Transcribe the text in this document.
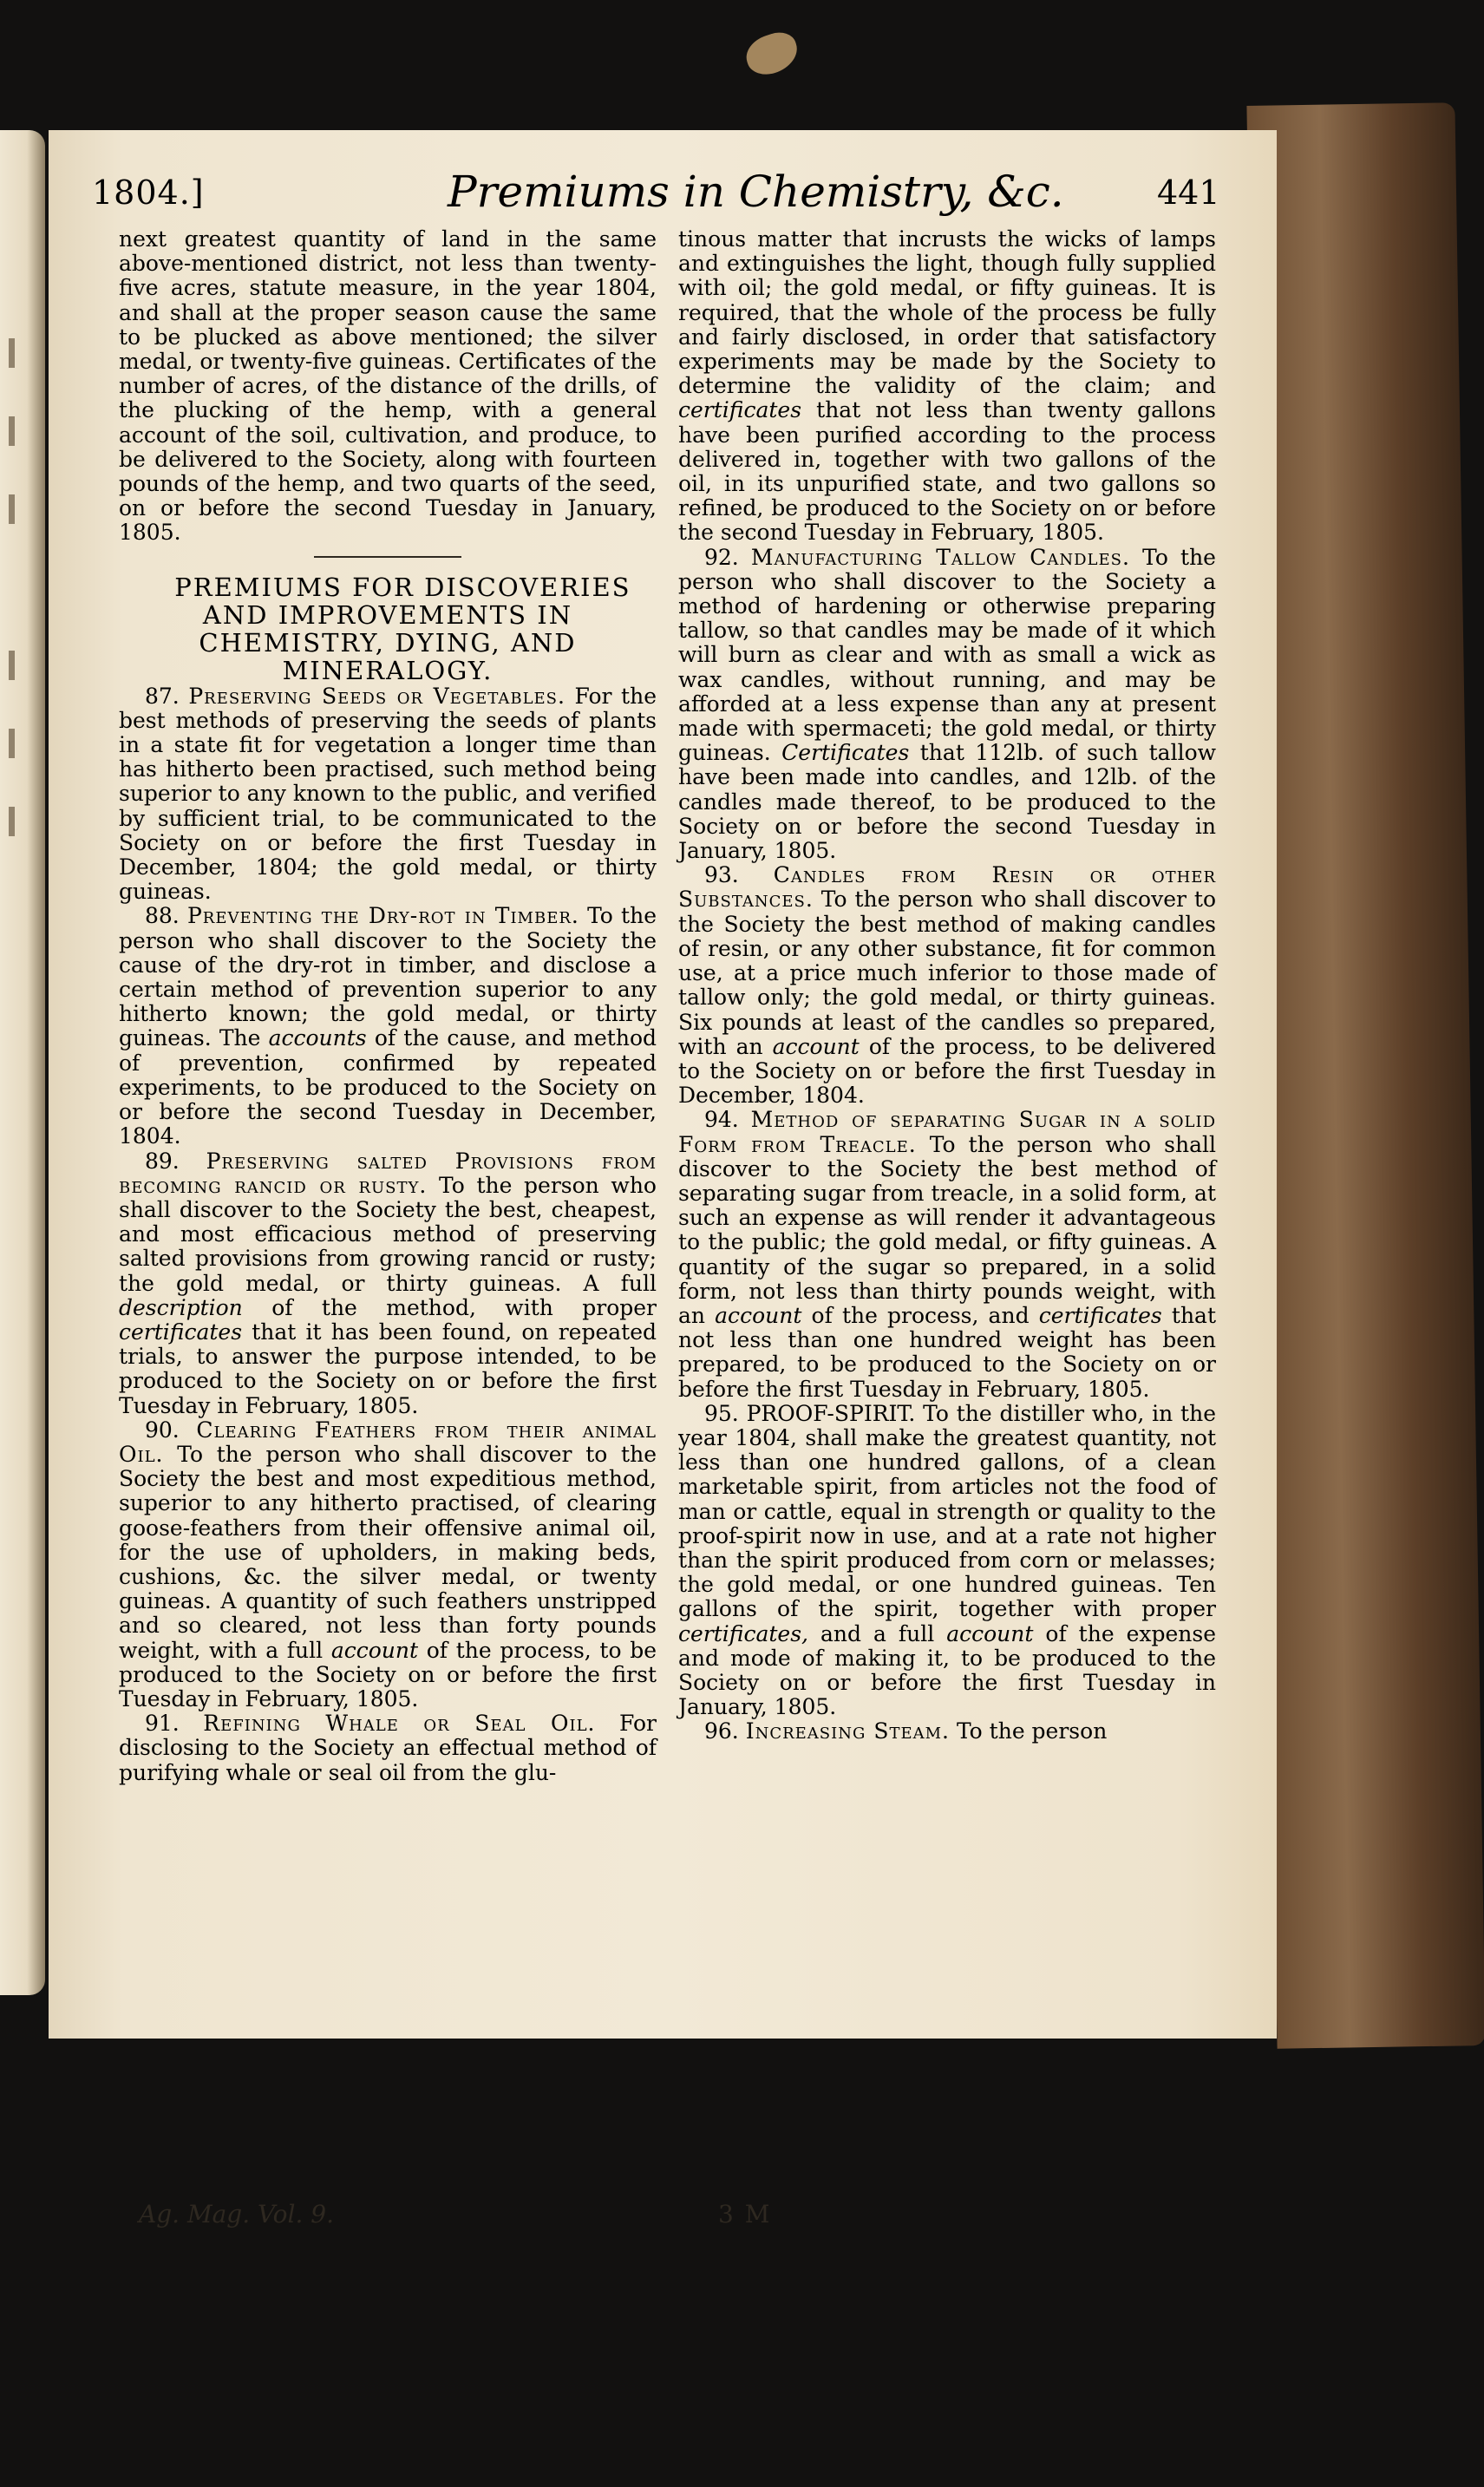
1804.]	Premiums in Chemistry, &c.	441

next greatest quantity of land in the same above-mentioned district, not less than twenty-five acres, statute measure, in the year 1804, and shall at the proper season cause the same to be plucked as above mentioned; the silver medal, or twenty-five guineas. Certificates of the number of acres, of the distance of the drills, of the plucking of the hemp, with a general account of the soil, cultivation, and produce, to be delivered to the Society, along with fourteen pounds of the hemp, and two quarts of the seed, on or before the second Tuesday in January, 1805.

PREMIUMS FOR DISCOVERIES AND IMPROVEMENTS IN CHEMISTRY, DYING, AND MINERALOGY.

87. Preserving Seeds or Vegetables. For the best methods of preserving the seeds of plants in a state fit for vegetation a longer time than has hitherto been practised, such method being superior to any known to the public, and verified by sufficient trial, to be communicated to the Society on or before the first Tuesday in December, 1804; the gold medal, or thirty guineas.

88. Preventing the Dry-rot in Timber. To the person who shall discover to the Society the cause of the dry-rot in timber, and disclose a certain method of prevention superior to any hitherto known; the gold medal, or thirty guineas. The accounts of the cause, and method of prevention, confirmed by repeated experiments, to be produced to the Society on or before the second Tuesday in December, 1804.

89. Preserving salted Provisions from becoming rancid or rusty. To the person who shall discover to the Society the best, cheapest, and most efficacious method of preserving salted provisions from growing rancid or rusty; the gold medal, or thirty guineas. A full description of the method, with proper certificates that it has been found, on repeated trials, to answer the purpose intended, to be produced to the Society on or before the first Tuesday in February, 1805.

90. Clearing Feathers from their animal Oil. To the person who shall discover to the Society the best and most expeditious method, superior to any hitherto practised, of clearing goose-feathers from their offensive animal oil, for the use of upholders, in making beds, cushions, &c. the silver medal, or twenty guineas. A quantity of such feathers unstripped and so cleared, not less than forty pounds weight, with a full account of the process, to be produced to the Society on or before the first Tuesday in February, 1805.

91. Refining Whale or Seal Oil. For disclosing to the Society an effectual method of purifying whale or seal oil from the glu-

tinous matter that incrusts the wicks of lamps and extinguishes the light, though fully supplied with oil; the gold medal, or fifty guineas. It is required, that the whole of the process be fully and fairly disclosed, in order that satisfactory experiments may be made by the Society to determine the validity of the claim; and certificates that not less than twenty gallons have been purified according to the process delivered in, together with two gallons of the oil, in its unpurified state, and two gallons so refined, be produced to the Society on or before the second Tuesday in February, 1805.

92. Manufacturing Tallow Candles. To the person who shall discover to the Society a method of hardening or otherwise preparing tallow, so that candles may be made of it which will burn as clear and with as small a wick as wax candles, without running, and may be afforded at a less expense than any at present made with spermaceti; the gold medal, or thirty guineas. Certificates that 112lb. of such tallow have been made into candles, and 12lb. of the candles made thereof, to be produced to the Society on or before the second Tuesday in January, 1805.

93. Candles from Resin or other Substances. To the person who shall discover to the Society the best method of making candles of resin, or any other substance, fit for common use, at a price much inferior to those made of tallow only; the gold medal, or thirty guineas. Six pounds at least of the candles so prepared, with an account of the process, to be delivered to the Society on or before the first Tuesday in December, 1804.

94. Method of separating Sugar in a solid Form from Treacle. To the person who shall discover to the Society the best method of separating sugar from treacle, in a solid form, at such an expense as will render it advantageous to the public; the gold medal, or fifty guineas. A quantity of the sugar so prepared, in a solid form, not less than thirty pounds weight, with an account of the process, and certificates that not less than one hundred weight has been prepared, to be produced to the Society on or before the first Tuesday in February, 1805.

95. PROOF-SPIRIT. To the distiller who, in the year 1804, shall make the greatest quantity, not less than one hundred gallons, of a clean marketable spirit, from articles not the food of man or cattle, equal in strength or quality to the proof-spirit now in use, and at a rate not higher than the spirit produced from corn or melasses; the gold medal, or one hundred guineas. Ten gallons of the spirit, together with proper certificates, and a full account of the expense and mode of making it, to be produced to the Society on or before the first Tuesday in January, 1805.

96. Increasing Steam. To the person

Ag. Mag. Vol. 9.	3 M
